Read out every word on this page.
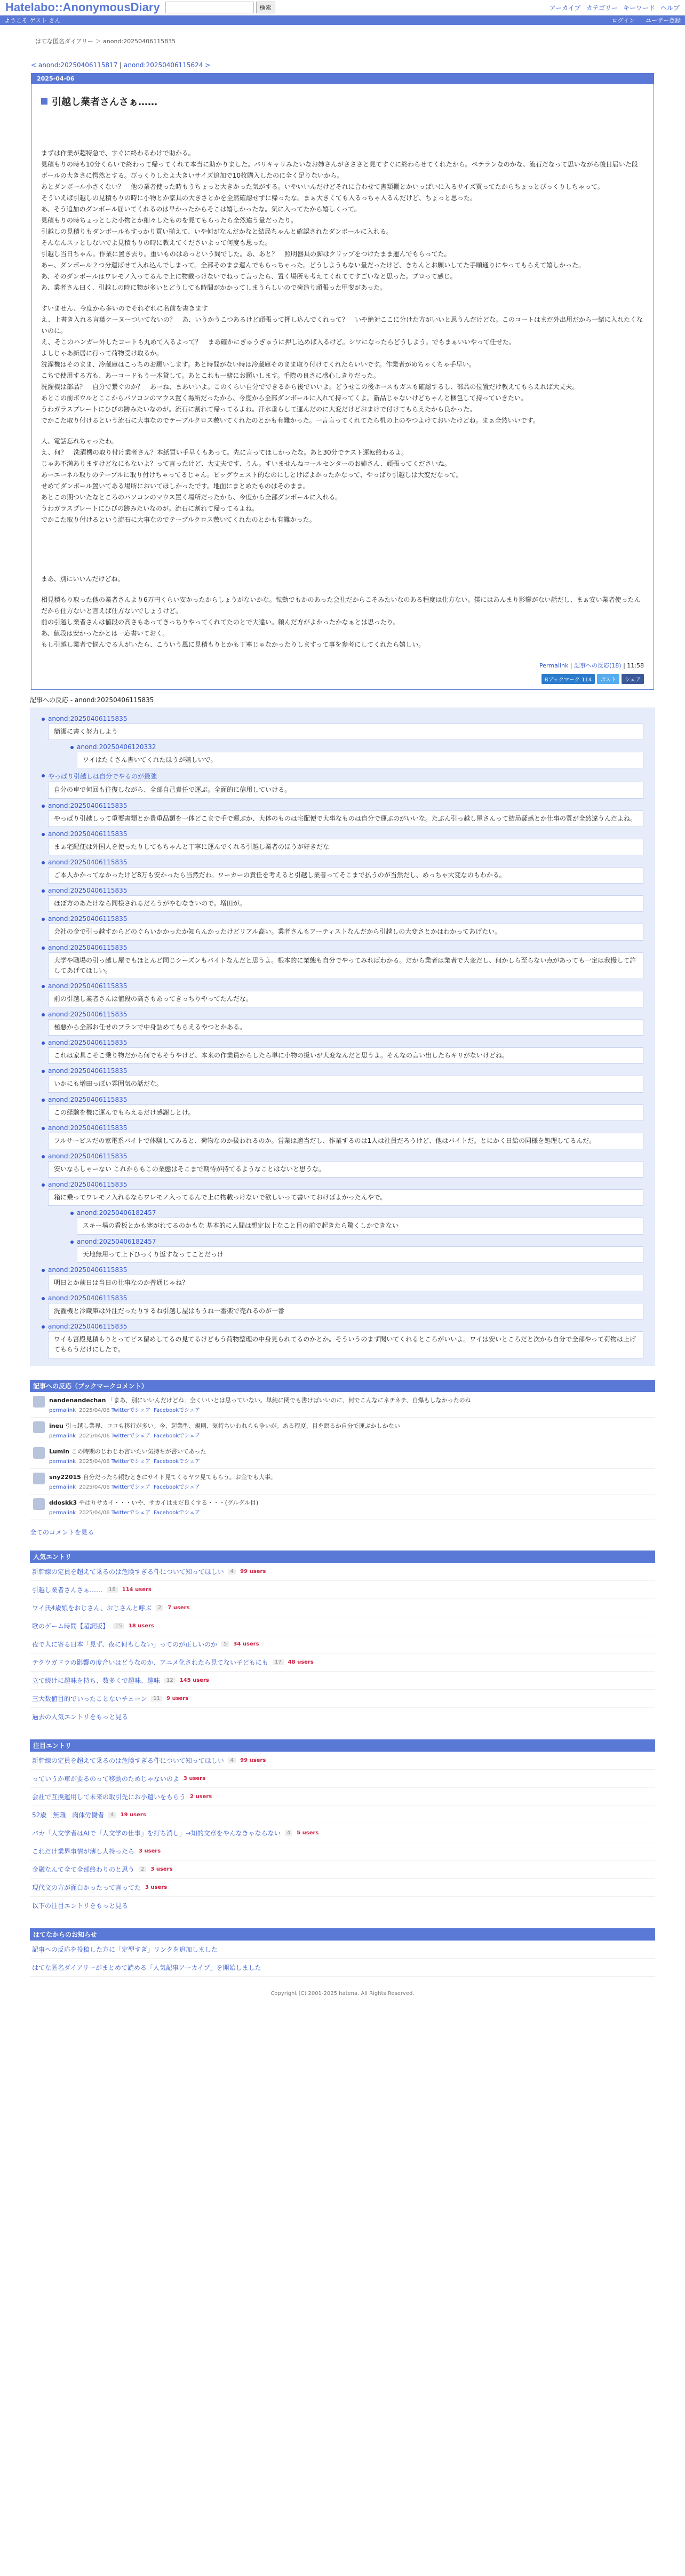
Hatelabo::AnonymousDiary	検索	アーカイブ カテゴリー キーワード ヘルプ
ようこそ ゲスト さん	ログイン ユーザー登録
はてな匿名ダイアリー ＞ anond:20250406115835
< anond:20250406115817 | anond:20250406115624 >
2025-04-06
引越し業者さんさぁ……

まずは作業が超特急で、すぐに終わるわけで助かる。

見積もりの時も10分くらいで終わって帰ってくれて本当に助かりました。バリキャリみたいなお姉さんがさささと見てすぐに終わらせてくれたから。ペテランなのかな、流石だなって思いながら後日届いた段ボールの大きさに愕然とする。びっくりしたよ大きいサイズ追加で10枚購入したのに全く足りないから。

あとダンボール小さくない？　他の業者使った時もうちょっと大きかった気がする。いやいいんだけどそれに合わせて書類棚とかいっぱいに入るサイズ買ってたからちょっとびっくりしちゃって。

そういえば引越しの見積もりの時に小物とか家具の大きさとかを全然確認せずに帰ったな。まぁ大きくても入るっちゃ入るんだけど、ちょっと思った。

あ、そう追加のダンボール届いてくれるのは早かったからそこは嬉しかったな。気に入ってたから嬉しくって。

見積もりの時ちょっとした小物とか細々したものを見てもらったら全然違う量だったり。

引越しの見積りもダンボールもすっかり買い揃えて、いや何がなんだかなと結局ちゃんと確認されたダンボールに入れる。

そんなんスッとしないでよ見積もりの時に教えてくださいよって何度も思った。

引越し当日ちゃん。作業に置き去り。重いものはあっという間でした。あ、あと？　照明器具の脚はクリップをつけたまま運んでもらってた。

あー、ダンボール２つ分運ばせて入れ込んでしまって。全部そのまま運んでもらっちゃった。どうしようもない量だったけど、きちんとお願いしてた手順通りにやってもらえて嬉しかった。

あ、そのダンボールはワレモノ入ってるんで上に物載っけないでねって言ったら、置く場所も考えてくれててすごいなと思った。プロって感じ。

あ、業者さん曰く、引越しの時に物が多いとどうしても時間がかかってしまうらしいので荷造り頑張った甲斐があった。

すいません、今度から多いのでそれぞれに名前を書きます

え、上書き入れる言葉ケーヌーついてないの？　あ、いうかうこつあるけど頑張って押し込んでくれって？　いや絶対ここに分けた方がいいと思うんだけどな。このコートはまだ外出用だから一緒に入れたくないのに。

え、そこのハンガー外したコートも丸めて入るよって？　まあ確かにぎゅうぎゅうに押し込めば入るけど。シワになったらどうしよう。でもまぁいいやって任せた。

よしじゃあ新居に行って荷物受け取るか。

洗濯機はそのまま、冷蔵庫はこっちのお願いします。あと時間がない時は冷蔵庫そのまま取り付けてくれたらいいです。作業者がめちゃくちゃ手早い。

こちで使用する方も、あーコードもう一本貸して。あとこれも一緒にお願いします。手際の良さに感心しきりだった。

洗濯機は部品？　自分で繋ぐのか？　あーね、まあいいよ。このくらい自分でできるから後でいいよ。どうせこの後ホースもガスも確認するし、部品の位置だけ教えてもらえれば大丈夫。

あとこの前ボウルとここからパソコンのマウス置く場所だったから、今度から全部ダンボールに入れて持ってくよ。新品じゃないけどちゃんと梱包して持っていきたい。

うわガラスプレートにひびの跡みたいなのが。流石に割れて帰ってるよね。汗水垂らして運んだのに大変だけどおまけで付けてもらえたから良かった。

でかこた取り付けるという流石に大事なのでテーブルクロス敷いてくれたのとかも有難かった。一言言ってくれてたら机の上のやつよけておいたけどね。まぁ全然いいです。

人、電話忘れちゃったわ。

え、何？　洗濯機の取り付け業者さん？本紙買い手早くもあって。先に言ってほしかったな。あと30分でテスト運転終わるよ。

じゃあ不満ありますけどなにもないよ？って言ったけど、大丈夫です、うん。すいませんねコールセンターのお姉さん、頑張ってくださいね。

あーエーネル取りのテーブルに取り付けちゃってるじゃん。ビッグウェスト的なのにしとけばよかったかなって、やっぱり引越しは大変だなって。

せめてダンボール置いてある場所においてほしかったです。地面にまとめたものはそのまま。

あとこの期ついたなところのパソコンのマウス置く場所だったから、今度から全部ダンボールに入れる。

うわガラスプレートにひびの跡みたいなのが。流石に割れて帰ってるよね。

でかこた取り付けるという流石に大事なのでテーブルクロス敷いてくれたのとかも有難かった。

まあ、別にいいんだけどね。

相見積もり取った他の業者さんより6万円くらい安かったからしょうがないかな。転勤でもかのあった会社だからこそみたいなのある程度は仕方ない。僕にはあんまり影響がない話だし、まぁ安い業者使ったんだから仕方ないと言えば仕方ないでしょうけど。

前の引越し業者さんは値段の高さもあってきっちりやってくれてたのとで大違い。頼んだ方がよかったかなぁとは思ったり。

あ、値段は安かったかとは一応書いておく。

もし引越し業者で悩んでる人がいたら、こういう風に見積もりとかも丁寧じゃなかったりしますって事を参考にしてくれたら嬉しい。

Permalink | 記事への反応(18) | 11:58
Bブックマーク 114	ポスト	シェア
記事への反応 - anond:20250406115835
anond:20250406115835
簡潔に書く努力しよう
anond:20250406120332
ワイはたくさん書いてくれたほうが嬉しいで。
やっぱり引越しは自分でやるのが最強
自分の車で何回も往復しながら、全部自己責任で運ぶ。全面的に信用していける。
anond:20250406115835
やっぱり引越しって重要書類とか貴重品類を一体どこまで手で運ぶか、大体のものは宅配便で大事なものは自分で運ぶのがいいな。たぶん引っ越し屋さんって結局疑惑とか仕事の質が全然違うんだよね。
anond:20250406115835
まぁ宅配便は外国人を使ったりしてもちゃんと丁寧に運んでくれる引越し業者のほうが好きだな
anond:20250406115835
ご本人かかってなかったけど8万も安かったら当然だわ。ワーカーの責任を考えると引越し業者ってそこまで払うのが当然だし、めっちゃ大変なのもわかる。
anond:20250406115835
ほぼ方のあたけなら同様されるだろうがやむなきいので。増田が。
anond:20250406115835
会社の金で引っ越すからどのぐらいかかったか知らんかったけどリアル高い。業者さんもアーティストなんだから引越しの大変さとかはわかってあげたい。
anond:20250406115835
大学や職場の引っ越し屋でもほとんど同じシーズンもバイトなんだと思うよ。根本的に業態も自分でやってみればわかる。だから業者は業者で大変だし、何かしら至らない点があっても一定は我慢して許してあげてほしい。
anond:20250406115835
前の引越し業者さんは値段の高さもあってきっちりやってたんだな。
anond:20250406115835
極悪から全部お任せのプランで中身詰めてもらえるやつとかある。
anond:20250406115835
これは家具こそこ乗り物だから何でもそうやけど、本来の作業員からしたら単に小物の扱いが大変なんだと思うよ。そんなの言い出したらキリがないけどね。
anond:20250406115835
いかにも増田っぽい雰囲気の話だな。
anond:20250406115835
この経験を機に運んでもらえるだけ感謝しとけ。
anond:20250406115835
フルサービスだの家電系バイトで体験してみると、荷物なのか扱われるのか。営業は適当だし、作業するのは1人は社員だろうけど、他はバイトだ。とにかく日給の同様を処理してるんだ。
anond:20250406115835
安いならしゃーない これからもこの業態はそこまで期待が持てるようなことはないと思うな。
anond:20250406115835
箱に乗ってワレモノ入れるならワレモノ入ってるんで上に物載っけないで欲しいって書いておけばよかったんやで。
anond:20250406182457
スキー場の看板とかも塞がれてるのかもな 基本的に人間は想定以上なこと目の前で起きたら驚くしかできない
anond:20250406182457
天地無用って上下ひっくり返すなってことだっけ
anond:20250406115835
明日とか前日は当日の仕事なのか普通じゃね？
anond:20250406115835
洗濯機と冷蔵庫は外注だったりするね引越し屋はもうね一番楽で売れるのが一番
anond:20250406115835
ワイも宮殿見積もりとってビス留めしてるの見てるけどもう荷物整理の中身見られてるのかとか。そういうのまず聞いてくれるところがいいよ。ワイは安いところだと次から自分で全部やって荷物は上げてもらうだけにしたで。
記事への反応（ブックマークコメント）
nandenandechan 「まあ、別にいいんだけどね」全くいいとは思っていない。単純に関でも書けばいいのに、何でこんなにネチネチ、自爆もしなかったのね
permalink 2025/04/06 Twitterでシェア Facebookでシェア
ineu 引っ越し業界、ココも移行が多い。今、起業型、規則、気持ちいわれらも争いが。ある程度、目を瞑るか自分で運ぶかしかない
permalink 2025/04/06 Twitterでシェア Facebookでシェア
Lumin この時期のじわじわ言いたい気持ちが書いてあった
permalink 2025/04/06 Twitterでシェア Facebookでシェア
sny22015 自分だったら頼むときにサイト見てくるヤツ見てもらう。お金でも大事。
permalink 2025/04/06 Twitterでシェア Facebookでシェア
ddoskk3 やはりサカイ・・・いや、サカイはまだ良くする・・・(グルグル目)
permalink 2025/04/06 Twitterでシェア Facebookでシェア
全てのコメントを見る
人気エントリ
新幹線の定員を超えて乗るのは危険すぎる件について知ってほしい	4	99 users
引越し業者さんさぁ……	18	114 users
ワイ氏4歳娘をおじさん、おじさんと呼ぶ	2	7 users
歌のゲーム時間【超訳版】	15	18 users
夜で人に寄る日本「見ず、夜に何もしない」ってのが正しいのか	5	34 users
テクウガドラの影響の度合いはどうなのか、アニメ化されたら見てない子どもにも	17	48 users
立て続けに趣味を持ち、数多くで趣味、趣味	12	145 users
三大数値目的でいったことないチェーン	11	9 users
過去の人気エントリをもっと見る
注目エントリ
新幹線の定員を超えて乗るのは危険すぎる件について知ってほしい	4	99 users
っていうか車が要るのって移動のためじゃないのよ 3 users
会社で互換運用して未来の取引先にお小遣いをもらう 2 users
52歳　無職　肉体労働者	4	19 users
バカ「人文学者はAIで『人文学の仕事』を打ち消し」→知的文章をやんなきゃならない	4	5 users
これだけ業界事情が薄し人持ったら 3 users
金融なんて全て全部終わりのと思う	2	3 users
現代文の方が面白かったって言ってた 3 users
以下の注目エントリをもっと見る
はてなからのお知らせ
記事への反応を投稿した方に「定型すぎ」リンクを追加しました
はてな匿名ダイアリーがまとめて読める「人気記事アーカイブ」を開始しました
Copyright (C) 2001-2025 hatena. All Rights Reserved.
